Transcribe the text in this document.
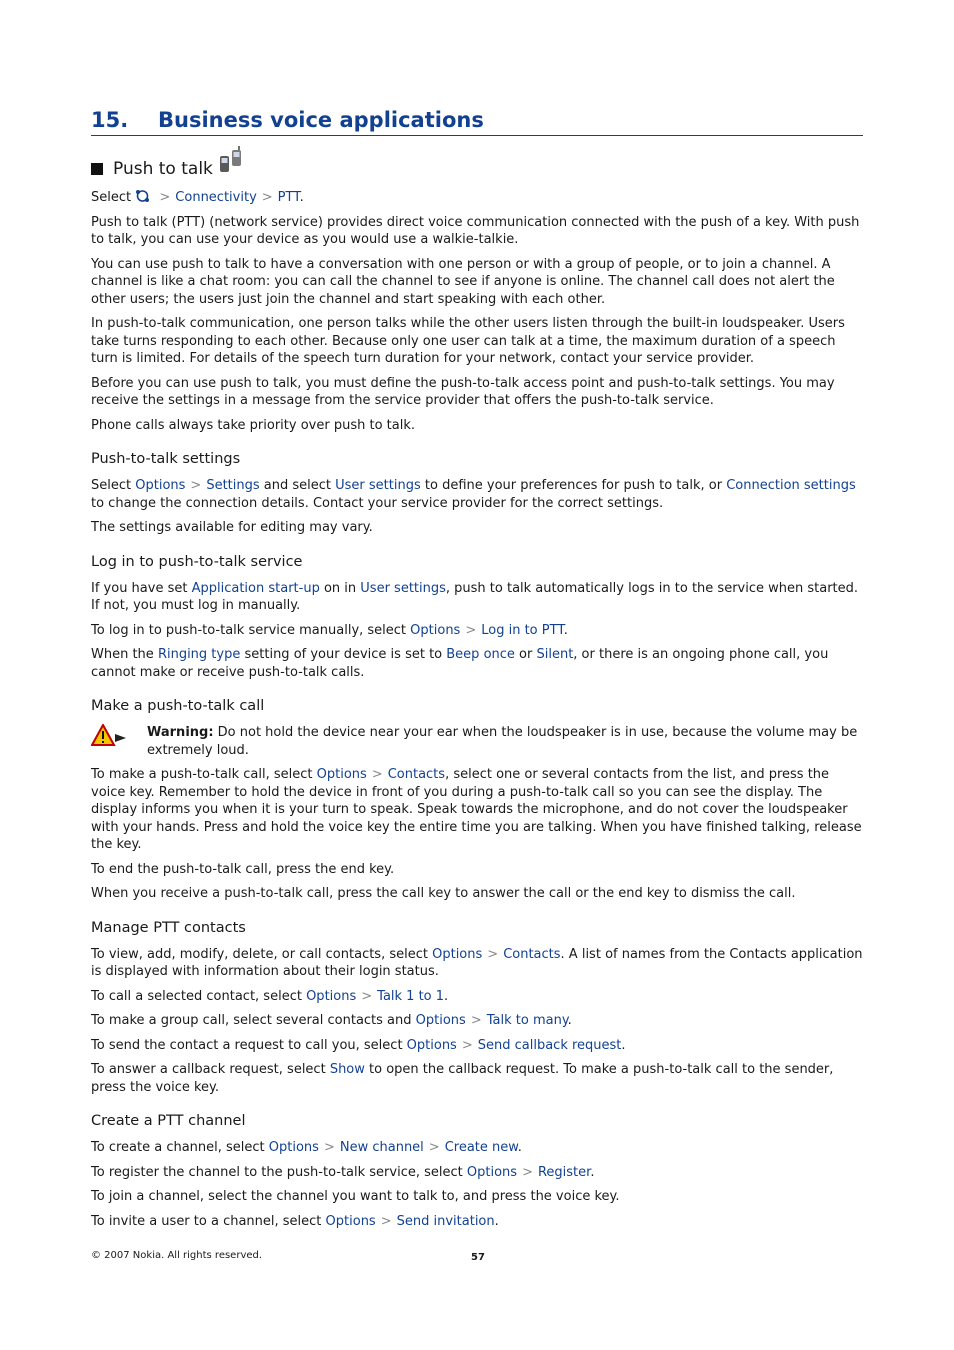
15.	Business voice applications
Push to talk

Select > Connectivity > PTT.

Push to talk (PTT) (network service) provides direct voice communication connected with the push of a key. With push to talk, you can use your device as you would use a walkie-talkie.

You can use push to talk to have a conversation with one person or with a group of people, or to join a channel. A channel is like a chat room: you can call the channel to see if anyone is online. The channel call does not alert the other users; the users just join the channel and start speaking with each other.

In push-to-talk communication, one person talks while the other users listen through the built-in loudspeaker. Users take turns responding to each other. Because only one user can talk at a time, the maximum duration of a speech turn is limited. For details of the speech turn duration for your network, contact your service provider.

Before you can use push to talk, you must define the push-to-talk access point and push-to-talk settings. You may receive the settings in a message from the service provider that offers the push-to-talk service.

Phone calls always take priority over push to talk.

Push-to-talk settings

Select Options > Settings and select User settings to define your preferences for push to talk, or Connection settings to change the connection details. Contact your service provider for the correct settings.

The settings available for editing may vary.

Log in to push-to-talk service

If you have set Application start-up on in User settings, push to talk automatically logs in to the service when started. If not, you must log in manually.

To log in to push-to-talk service manually, select Options > Log in to PTT.

When the Ringing type setting of your device is set to Beep once or Silent, or there is an ongoing phone call, you cannot make or receive push-to-talk calls.

Make a push-to-talk call

Warning: Do not hold the device near your ear when the loudspeaker is in use, because the volume may be extremely loud.

To make a push-to-talk call, select Options > Contacts, select one or several contacts from the list, and press the voice key. Remember to hold the device in front of you during a push-to-talk call so you can see the display. The display informs you when it is your turn to speak. Speak towards the microphone, and do not cover the loudspeaker with your hands. Press and hold the voice key the entire time you are talking. When you have finished talking, release the key.

To end the push-to-talk call, press the end key.

When you receive a push-to-talk call, press the call key to answer the call or the end key to dismiss the call.

Manage PTT contacts

To view, add, modify, delete, or call contacts, select Options > Contacts. A list of names from the Contacts application is displayed with information about their login status.

To call a selected contact, select Options > Talk 1 to 1.

To make a group call, select several contacts and Options > Talk to many.

To send the contact a request to call you, select Options > Send callback request.

To answer a callback request, select Show to open the callback request. To make a push-to-talk call to the sender, press the voice key.

Create a PTT channel

To create a channel, select Options > New channel > Create new.

To register the channel to the push-to-talk service, select Options > Register.

To join a channel, select the channel you want to talk to, and press the voice key.

To invite a user to a channel, select Options > Send invitation.

© 2007 Nokia. All rights reserved.	57
